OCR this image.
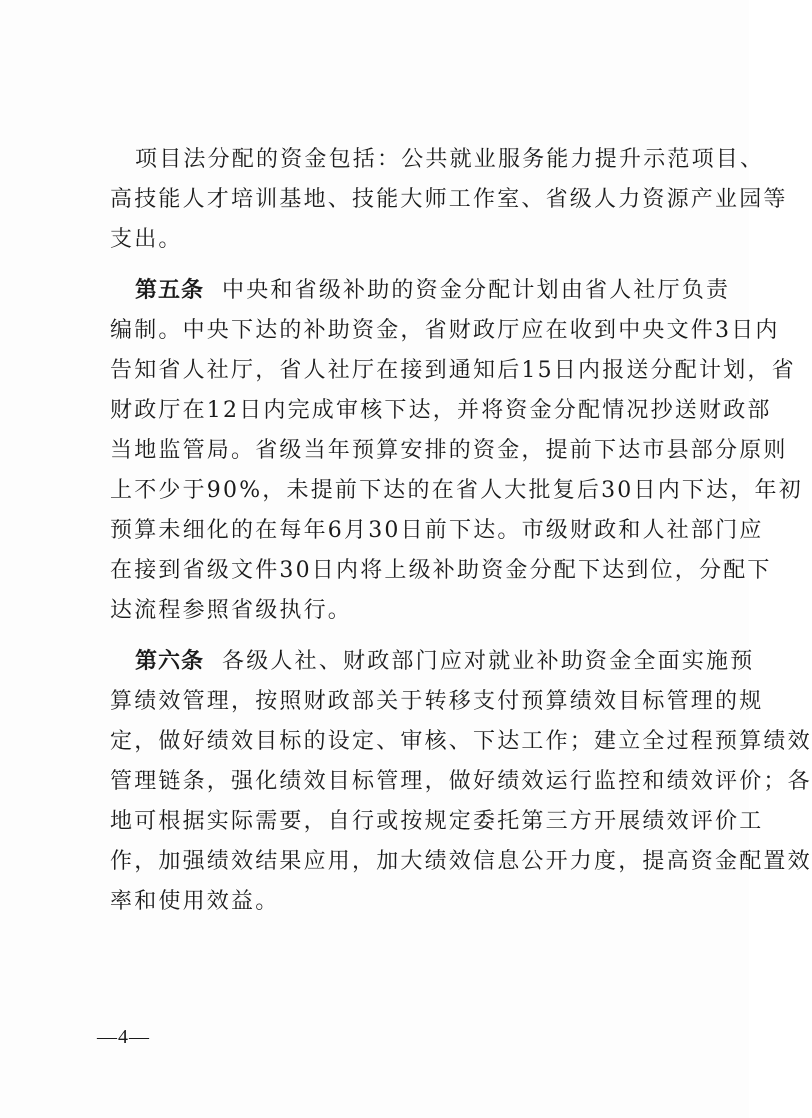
项目法分配的资金包括：公共就业服务能力提升示范项目、
高技能人才培训基地、技能大师工作室、省级人力资源产业园等
支出。
第五条 中央和省级补助的资金分配计划由省人社厅负责
编制。中央下达的补助资金，省财政厅应在收到中央文件3日内
告知省人社厅，省人社厅在接到通知后15日内报送分配计划，省
财政厅在12日内完成审核下达，并将资金分配情况抄送财政部
当地监管局。省级当年预算安排的资金，提前下达市县部分原则
上不少于90%，未提前下达的在省人大批复后30日内下达，年初
预算未细化的在每年6月30日前下达。市级财政和人社部门应
在接到省级文件30日内将上级补助资金分配下达到位，分配下
达流程参照省级执行。
第六条 各级人社、财政部门应对就业补助资金全面实施预
算绩效管理，按照财政部关于转移支付预算绩效目标管理的规
定，做好绩效目标的设定、审核、下达工作；建立全过程预算绩效
管理链条，强化绩效目标管理，做好绩效运行监控和绩效评价；各
地可根据实际需要，自行或按规定委托第三方开展绩效评价工
作，加强绩效结果应用，加大绩效信息公开力度，提高资金配置效
率和使用效益。
—4—
